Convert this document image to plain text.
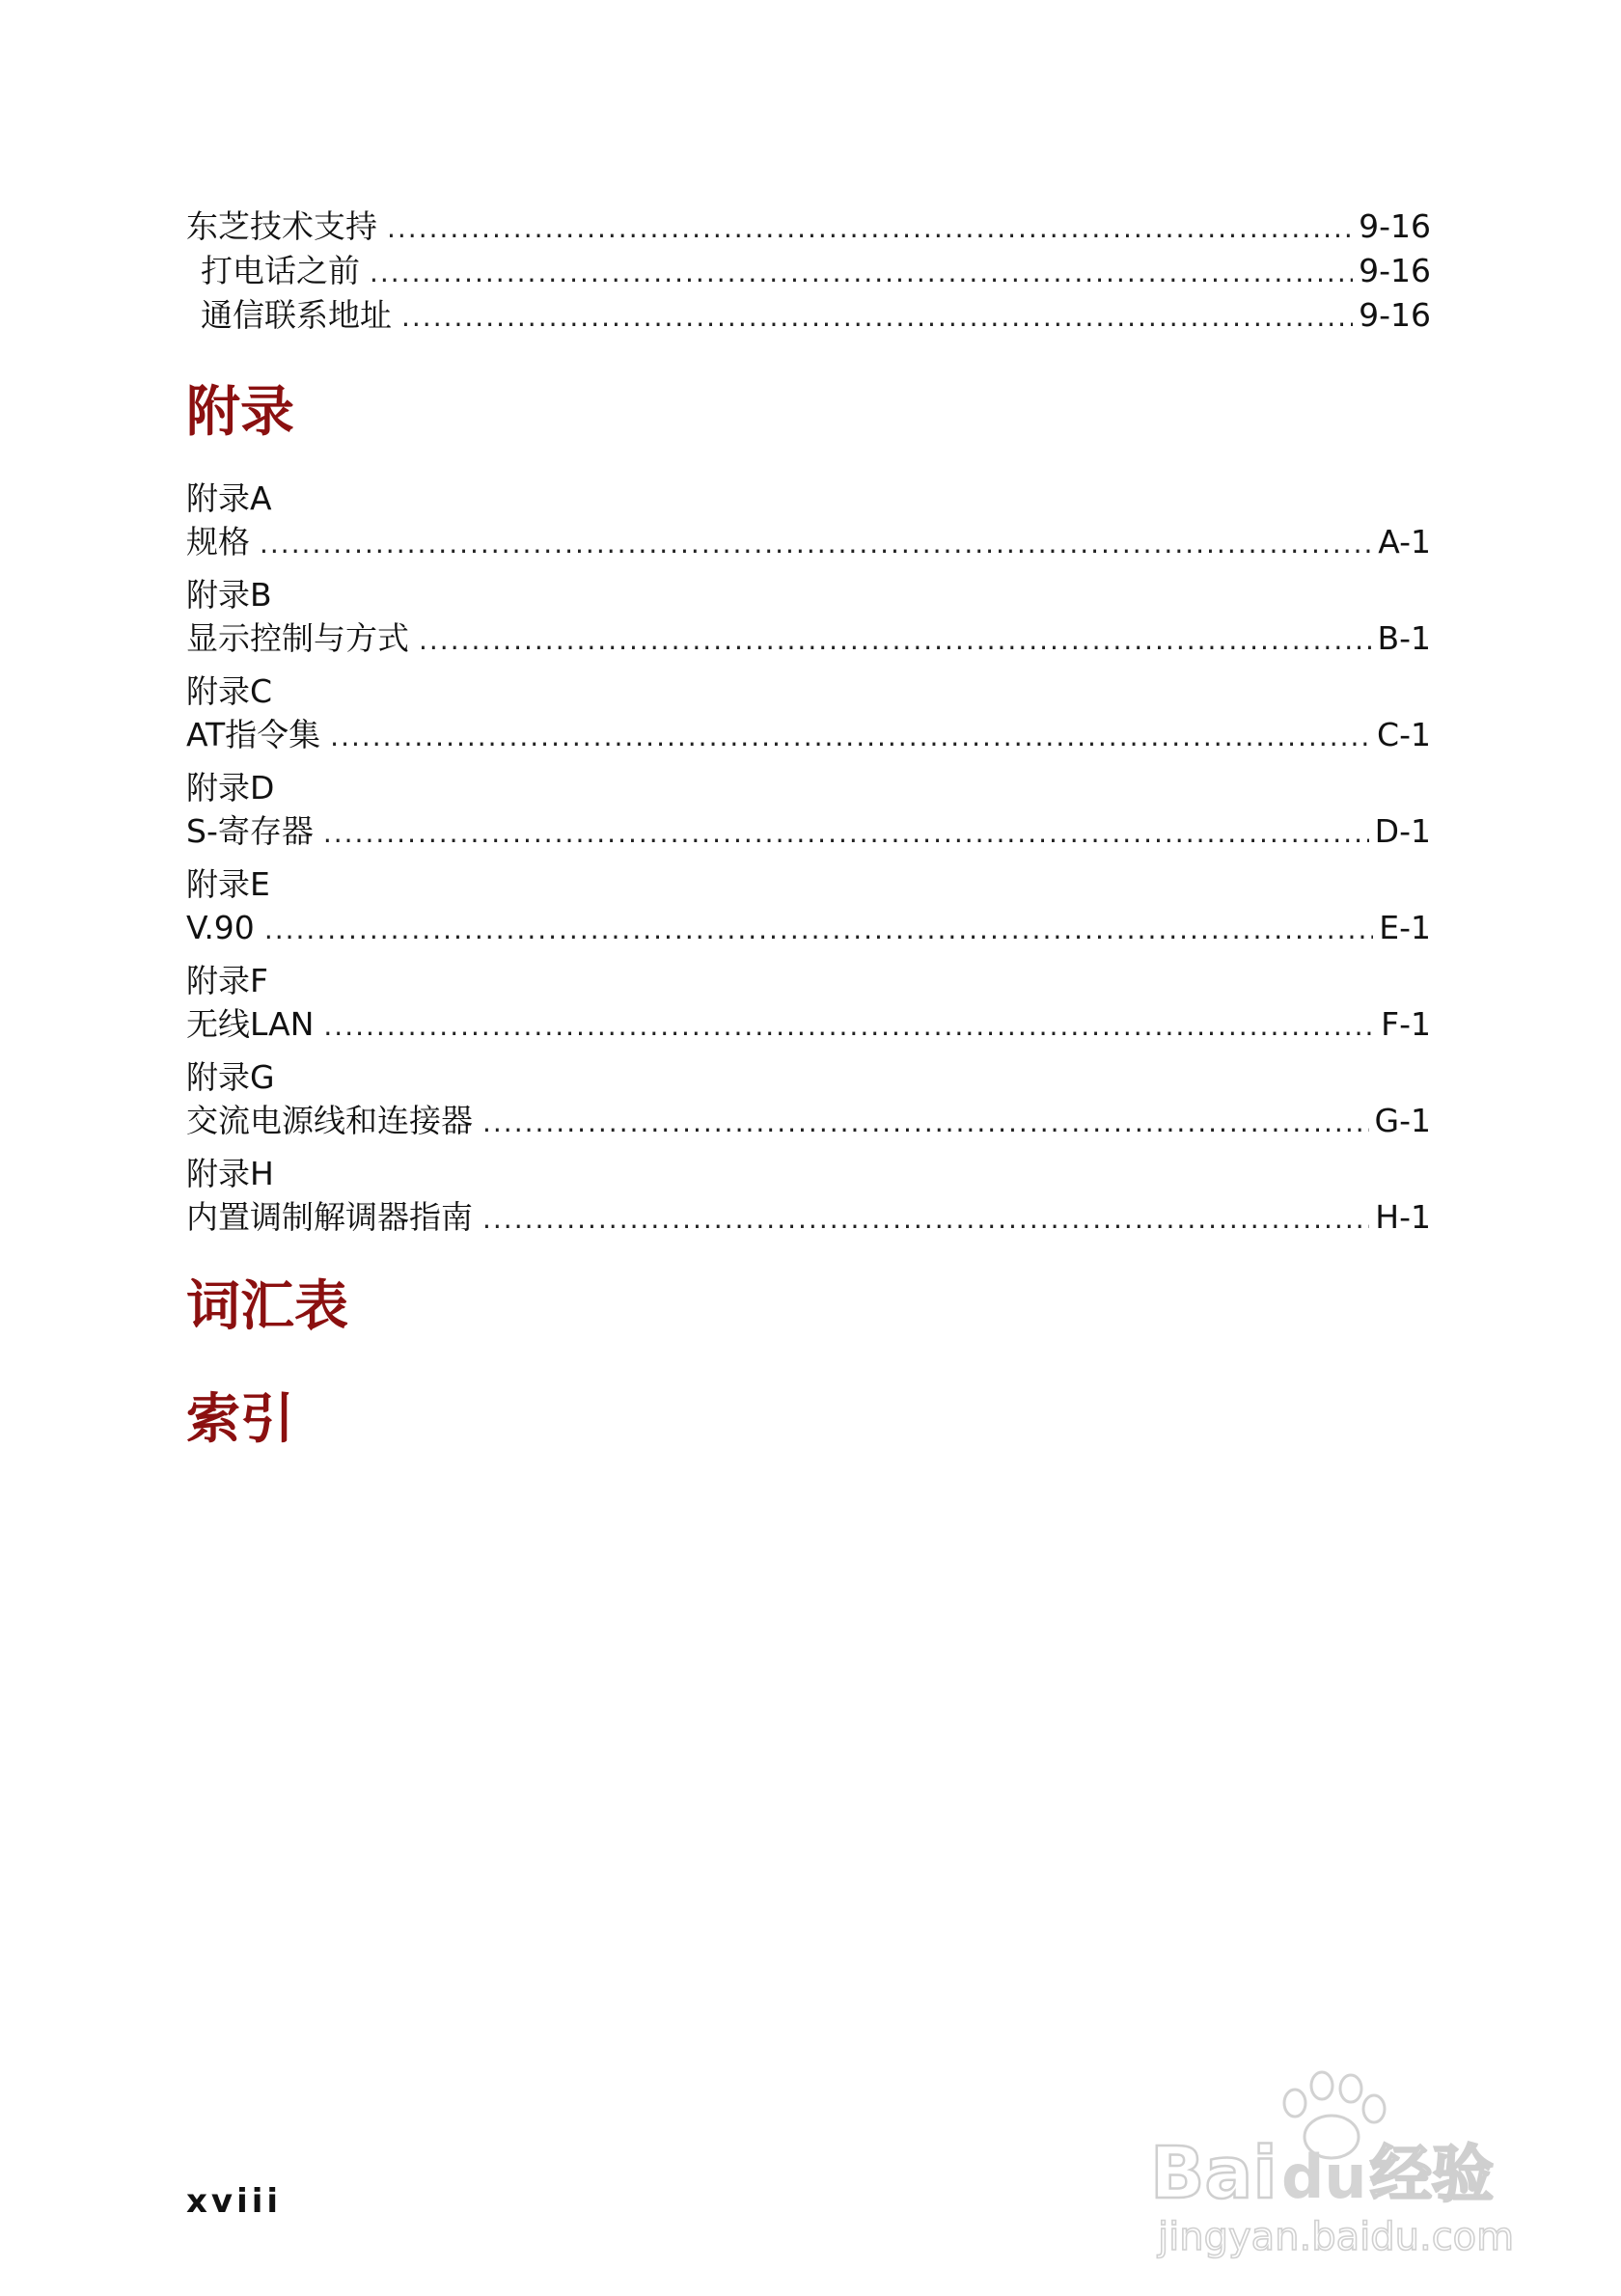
东芝技术支持 .....	9-16
打电话之前 .....	9-16
通信联系地址 .....	9-16
附录
附录A
规格 .....	A-1
附录B
显示控制与方式 .....	B-1
附录C
AT指令集 .....	C-1
附录D
S-寄存器 .....	D-1
附录E
V.90 .....	E-1
附录F
无线LAN .....	F-1
附录G
交流电源线和连接器 .....	G-1
附录H
内置调制解调器指南 .....	H-1
词汇表
索引
xviii	Bai du 经验
jingyan.baidu.com
